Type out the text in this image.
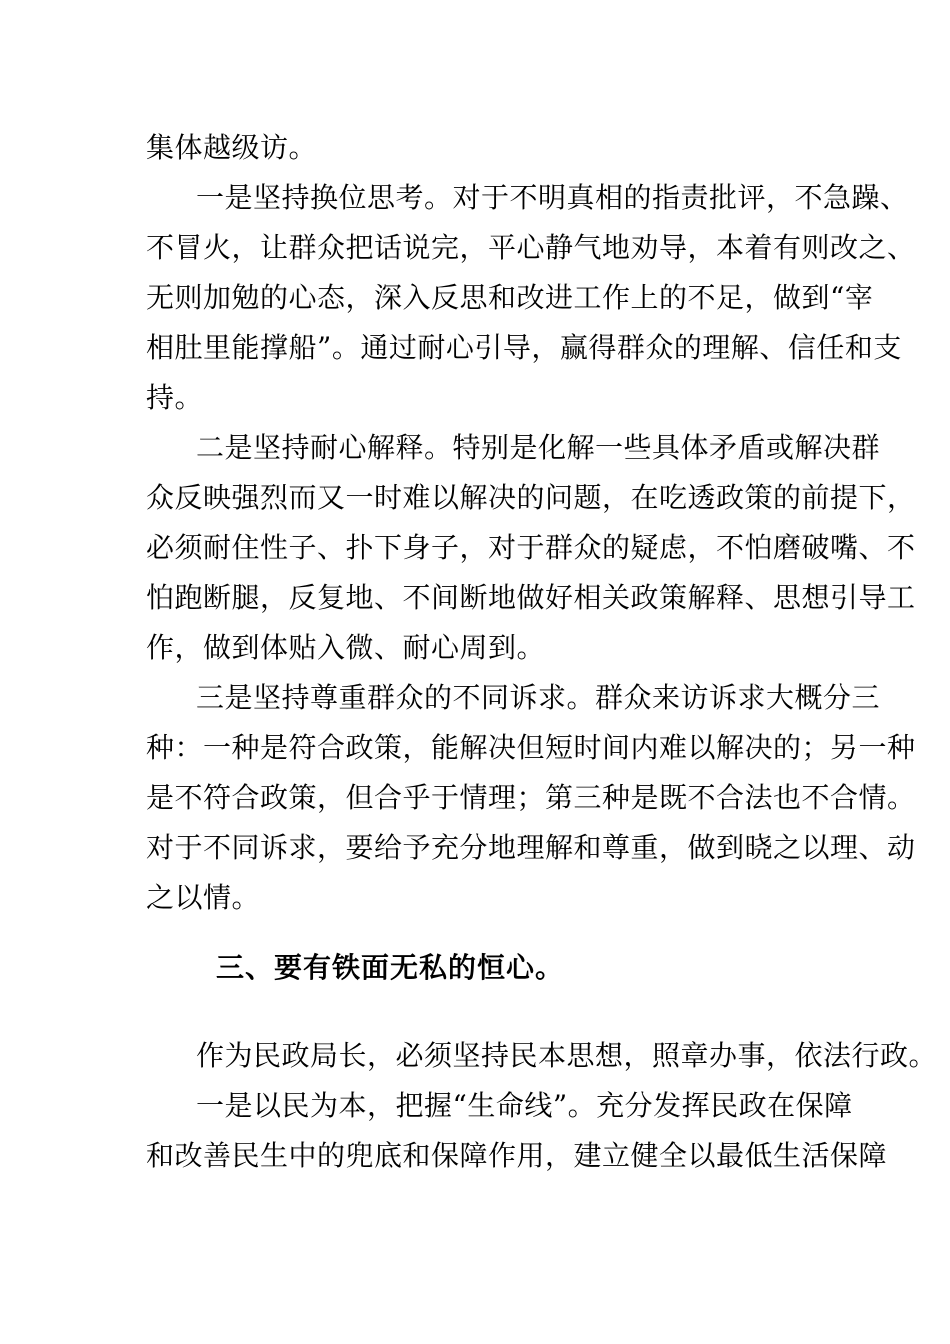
集体越级访。
一是坚持换位思考。对于不明真相的指责批评，不急躁、
不冒火，让群众把话说完，平心静气地劝导，本着有则改之、
无则加勉的心态，深入反思和改进工作上的不足，做到“宰
相肚里能撑船”。通过耐心引导，赢得群众的理解、信任和支
持。
二是坚持耐心解释。特别是化解一些具体矛盾或解决群
众反映强烈而又一时难以解决的问题，在吃透政策的前提下，
必须耐住性子、扑下身子，对于群众的疑虑，不怕磨破嘴、不
怕跑断腿，反复地、不间断地做好相关政策解释、思想引导工
作，做到体贴入微、耐心周到。
三是坚持尊重群众的不同诉求。群众来访诉求大概分三
种：一种是符合政策，能解决但短时间内难以解决的；另一种
是不符合政策，但合乎于情理；第三种是既不合法也不合情。
对于不同诉求，要给予充分地理解和尊重，做到晓之以理、动
之以情。
三、要有铁面无私的恒心。
作为民政局长，必须坚持民本思想，照章办事，依法行政。
一是以民为本，把握“生命线”。充分发挥民政在保障
和改善民生中的兜底和保障作用，建立健全以最低生活保障
